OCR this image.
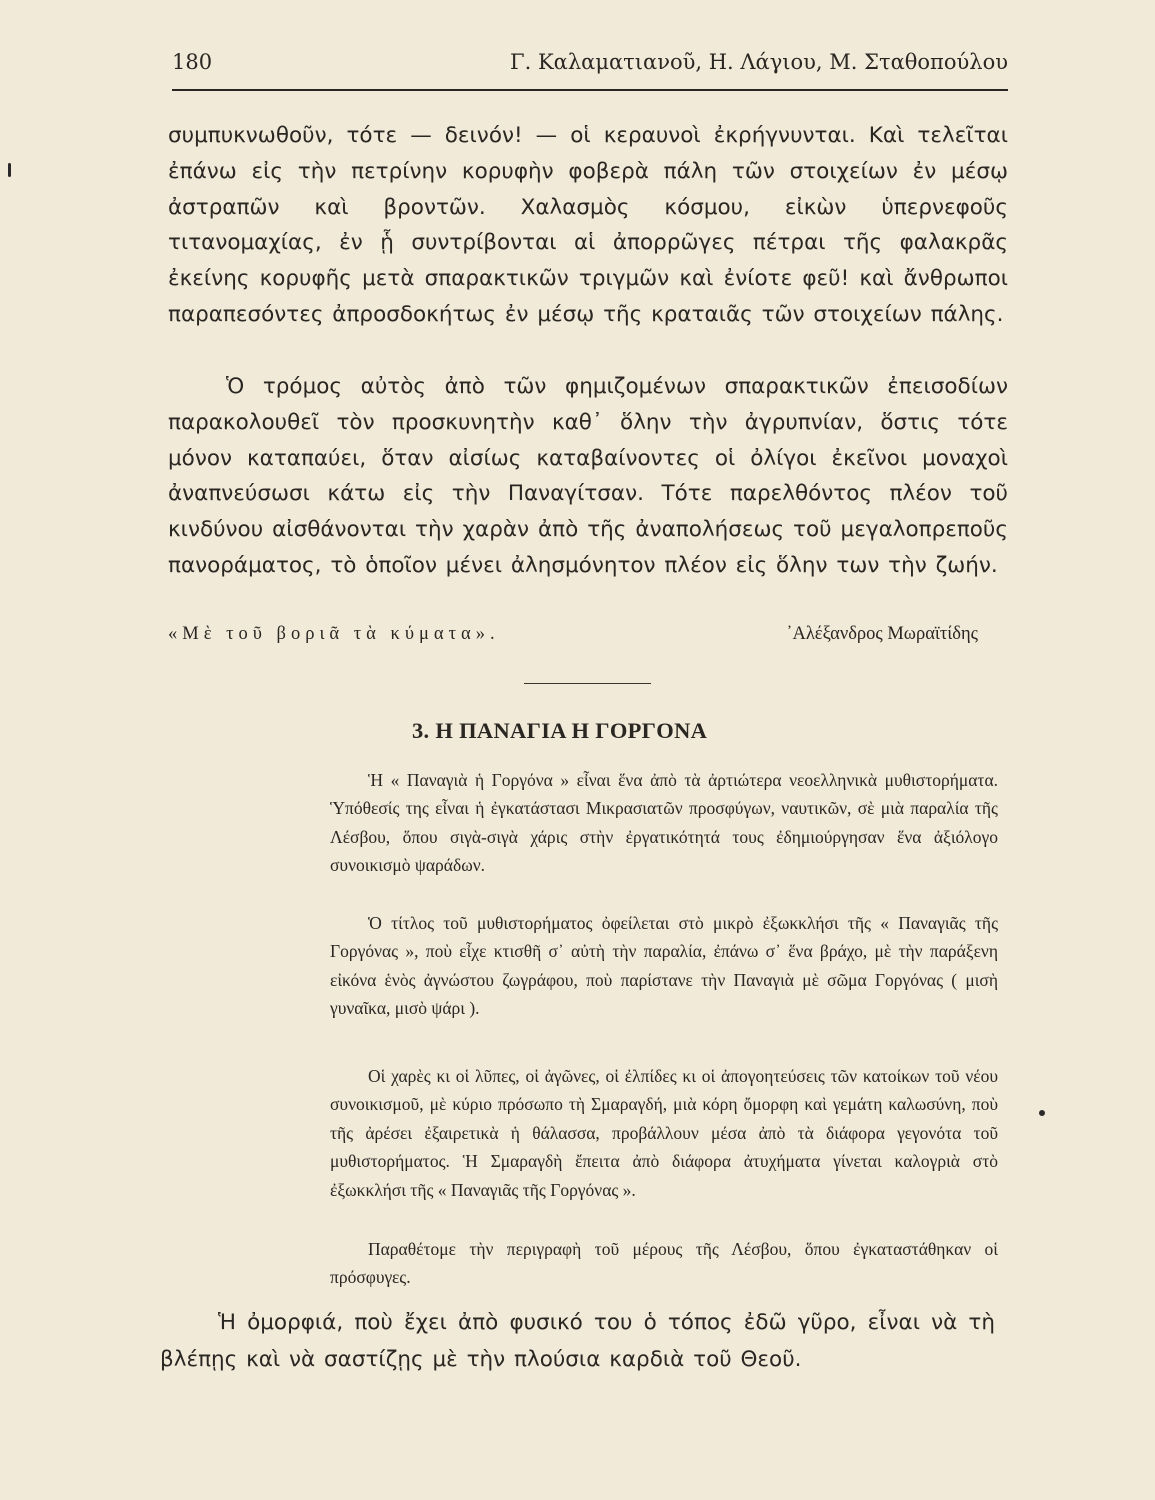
180	Γ. Καλαματιανοῦ, Η. Λάγιου, Μ. Σταθοπούλου

συμπυκνωθοῦν, τότε — δεινόν! — οἱ κεραυνοὶ ἐκρήγνυνται. Καὶ τελεῖται ἐπάνω εἰς τὴν πετρίνην κορυφὴν φοβερὰ πάλη τῶν στοιχείων ἐν μέσῳ ἀστραπῶν καὶ βροντῶν. Χαλασμὸς κόσμου, εἰκὼν ὑπερνεφοῦς τιτανομαχίας, ἐν ᾗ συντρίβονται αἱ ἀπορρῶγες πέτραι τῆς φαλακρᾶς ἐκείνης κορυφῆς μετὰ σπαρακτικῶν τριγμῶν καὶ ἐνίοτε φεῦ! καὶ ἄνθρωποι παραπεσόντες ἀπροσδοκήτως ἐν μέσῳ τῆς κραταιᾶς τῶν στοιχείων πάλης.

Ὁ τρόμος αὐτὸς ἀπὸ τῶν φημιζομένων σπαρακτικῶν ἐπεισοδίων παρακολουθεῖ τὸν προσκυνητὴν καθ᾿ ὅλην τὴν ἀγρυπνίαν, ὅστις τότε μόνον καταπαύει, ὅταν αἰσίως καταβαίνοντες οἱ ὀλίγοι ἐκεῖνοι μοναχοὶ ἀναπνεύσωσι κάτω εἰς τὴν Παναγίτσαν. Τότε παρελθόντος πλέον τοῦ κινδύνου αἰσθάνονται τὴν χαρὰν ἀπὸ τῆς ἀναπολήσεως τοῦ μεγαλοπρεποῦς πανοράματος, τὸ ὁποῖον μένει ἀλησμόνητον πλέον εἰς ὅλην των τὴν ζωήν.

«Μὲ τοῦ βοριᾶ τὰ κύματα».	᾿Αλέξανδρος Μωραϊτίδης
3. Η ΠΑΝΑΓΙΑ Η ΓΟΡΓΟΝΑ

Ἡ « Παναγιὰ ἡ Γοργόνα » εἶναι ἕνα ἀπὸ τὰ ἀρτιώτερα νεοελληνικὰ μυθιστορήματα. Ὑπόθεσίς της εἶναι ἡ ἐγκατάστασι Μικρασιατῶν προσφύγων, ναυτικῶν, σὲ μιὰ παραλία τῆς Λέσβου, ὅπου σιγὰ-σιγὰ χάρις στὴν ἐργατικότητά τους ἐδημιούργησαν ἕνα ἀξιόλογο συνοικισμὸ ψαράδων.

Ὁ τίτλος τοῦ μυθιστορήματος ὀφείλεται στὸ μικρὸ ἐξωκκλήσι τῆς « Παναγιᾶς τῆς Γοργόνας », ποὺ εἶχε κτισθῆ σ᾿ αὐτὴ τὴν παραλία, ἐπάνω σ᾿ ἕνα βράχο, μὲ τὴν παράξενη εἰκόνα ἑνὸς ἀγνώστου ζωγράφου, ποὺ παρίστανε τὴν Παναγιὰ μὲ σῶμα Γοργόνας ( μισὴ γυναῖκα, μισὸ ψάρι ).

Οἱ χαρὲς κι οἱ λῦπες, οἱ ἀγῶνες, οἱ ἐλπίδες κι οἱ ἀπογοητεύσεις τῶν κατοίκων τοῦ νέου συνοικισμοῦ, μὲ κύριο πρόσωπο τὴ Σμαραγδή, μιὰ κόρη ὄμορφη καὶ γεμάτη καλωσύνη, ποὺ τῆς ἀρέσει ἐξαιρετικὰ ἡ θάλασσα, προβάλλουν μέσα ἀπὸ τὰ διάφορα γεγονότα τοῦ μυθιστορήματος. Ἡ Σμαραγδὴ ἔπειτα ἀπὸ διάφορα ἀτυχήματα γίνεται καλογριὰ στὸ ἐξωκκλήσι τῆς « Παναγιᾶς τῆς Γοργόνας ».

Παραθέτομε τὴν περιγραφὴ τοῦ μέρους τῆς Λέσβου, ὅπου ἐγκαταστάθηκαν οἱ πρόσφυγες.

Ἡ ὀμορφιά, ποὺ ἔχει ἀπὸ φυσικό του ὁ τόπος ἐδῶ γῦρο, εἶναι νὰ τὴ βλέπῃς καὶ νὰ σαστίζῃς μὲ τὴν πλούσια καρδιὰ τοῦ Θεοῦ.
